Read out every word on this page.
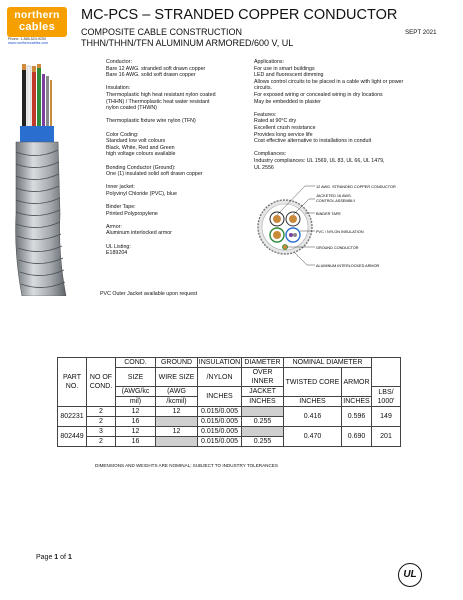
northern
cables
Phone: 1-866-524-9250
www.northerncables.com
MC-PCS – STRANDED COPPER CONDUCTOR
COMPOSITE CABLE CONSTRUCTION
THHN/THHN/TFN ALUMINUM ARMORED/600 V, UL
SEPT 2021
Conductor:
Bare 12 AWG. stranded soft drawn copper
Bare 16 AWG. solid soft drawn copper
Insulation:
Thermoplastic high heat resistant nylon coated
(THHN) / Thermoplastic heat water resistant
nylon coated (THWN)
Thermoplastic fixture wire nylon (TFN)
Color Coding:
Standard low volt colours
Black, White, Red and Green
high voltage colours available
Bonding Conductor (Ground):
One (1) insulated solid soft drawn copper
Inner jacket:
Polyvinyl Chloride (PVC), blue
Binder Tape:
Printed Polypropylene
Armor:
Aluminum interlocked armor
UL Listing:
E189204
Applications:
For use in smart buildings
LED and fluorescent dimming
Allows control circuits to be placed in a cable with light or power
circuits.
For exposed wiring or concealed wiring in dry locations
May be embedded in plaster
Features:
Rated at 90°C dry
Excellent crush resistance
Provides long service life
Cost effective alternative to installations in conduit
Compliances:
Industry compliances: UL 1569, UL 83, UL 66, UL 1479,
UL 2556
PVC Outer Jacket available upon request
12 AWG. STRANDED COPPER CONDUCTOR
JACKETED 16 AWG.
CONTROL ASSEMBLY
BINDER TAPE
PVC / NYLON INSULATION
GROUND CONDUCTOR
ALUMINUM INTERLOCKED ARMOR
PART
NO.	NO OF
COND.	COND.	GROUND	INSULATION	DIAMETER	NOMINAL DIAMETER		
		SIZE	WIRE SIZE	/NYLON	OVER INNER	TWISTED CORE	ARMOR	
		(AWG/kc	(AWG	INCHES	JACKET			LBS/
1000'
		mil)	/kcmil)		INCHES	INCHES	INCHES	
802231	2	12	12	0.015/0.005		0.416	0.596	149
	2	16		0.015/0.005	0.255			
802449	3	12	12	0.015/0.005		0.470	0.690	201
	2	16		0.015/0.005	0.255			
DIMENSIONS AND WEIGHTS ARE NOMINAL; SUBJECT TO INDUSTRY TOLERANCES
Page 1 of 1
UL
